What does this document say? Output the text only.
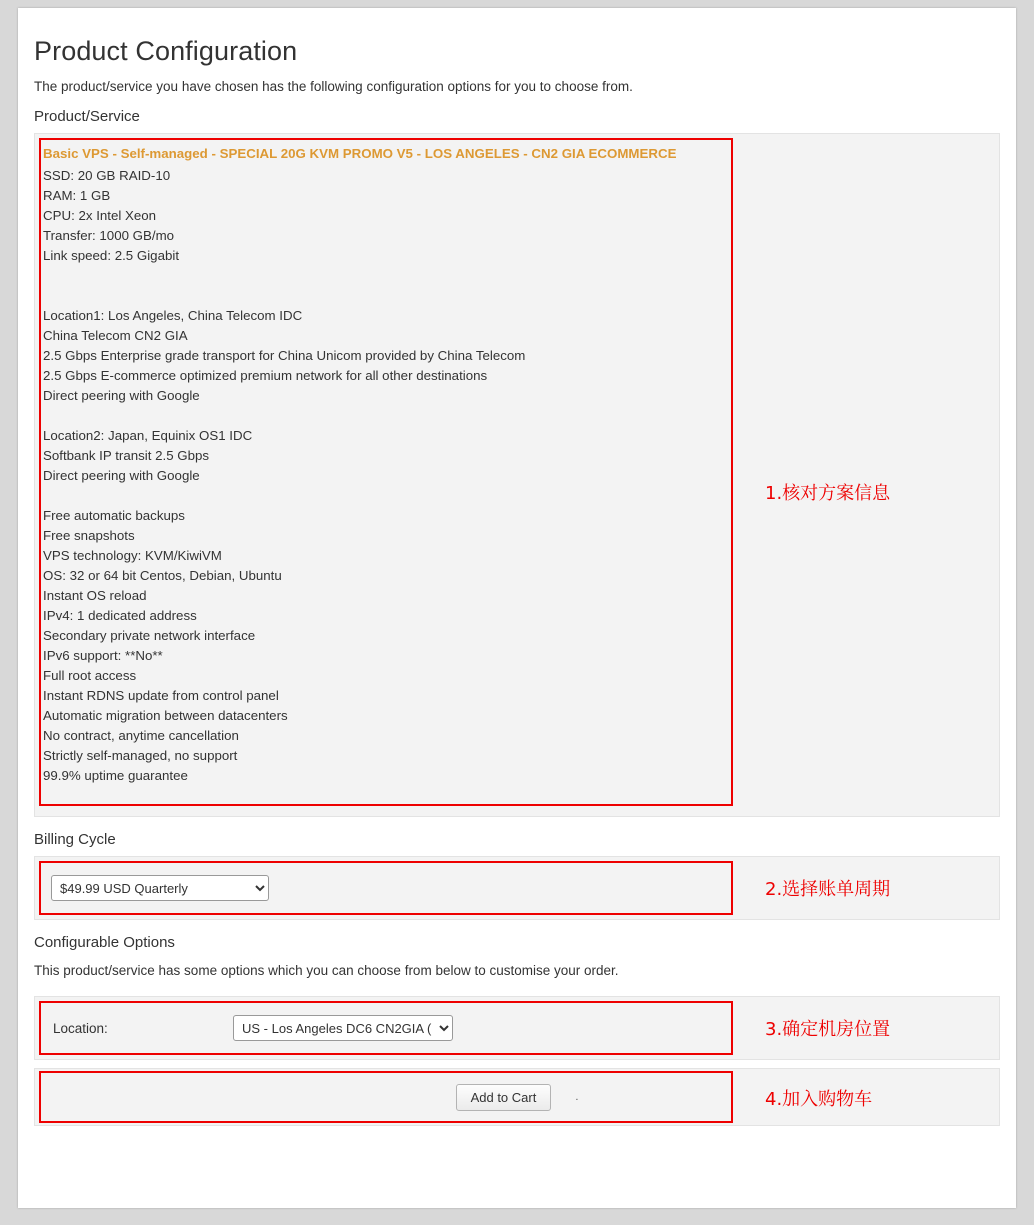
Product Configuration
The product/service you have chosen has the following configuration options for you to choose from.
Product/Service
Basic VPS - Self-managed - SPECIAL 20G KVM PROMO V5 - LOS ANGELES - CN2 GIA ECOMMERCE
SSD: 20 GB RAID-10
RAM: 1 GB
CPU: 2x Intel Xeon
Transfer: 1000 GB/mo
Link speed: 2.5 Gigabit
Location1: Los Angeles, China Telecom IDC
China Telecom CN2 GIA
2.5 Gbps Enterprise grade transport for China Unicom provided by China Telecom
2.5 Gbps E-commerce optimized premium network for all other destinations
Direct peering with Google
Location2: Japan, Equinix OS1 IDC
Softbank IP transit 2.5 Gbps
Direct peering with Google
Free automatic backups
Free snapshots
VPS technology: KVM/KiwiVM
OS: 32 or 64 bit Centos, Debian, Ubuntu
Instant OS reload
IPv4: 1 dedicated address
Secondary private network interface
IPv6 support: **No**
Full root access
Instant RDNS update from control panel
Automatic migration between datacenters
No contract, anytime cancellation
Strictly self-managed, no support
99.9% uptime guarantee
1.核对方案信息
Billing Cycle
$49.99 USD Quarterly
2.选择账单周期
Configurable Options
This product/service has some options which you can choose from below to customise your order.
Location:
US - Los Angeles DC6 CN2GIA (	3.确定机房位置
Add to Cart	.	4.加入购物车
